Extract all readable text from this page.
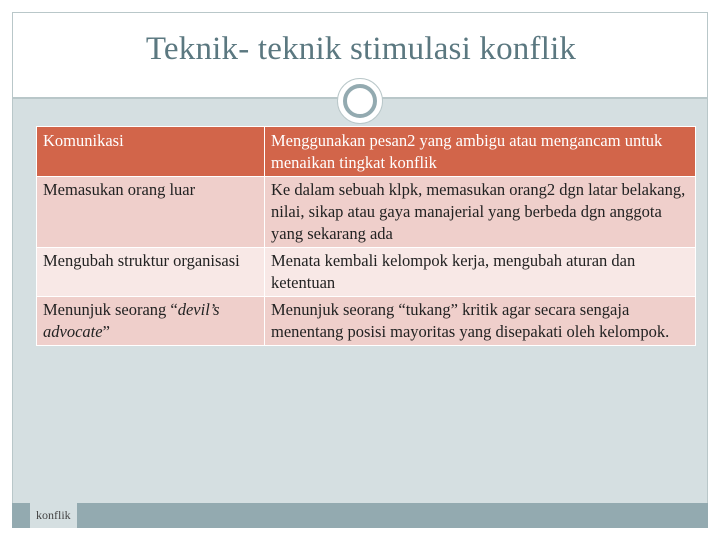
Teknik- teknik stimulasi konflik
Komunikasi	Menggunakan pesan2 yang ambigu atau mengancam untuk menaikan tingkat konflik
Memasukan orang luar	Ke dalam sebuah klpk, memasukan orang2 dgn latar belakang, nilai, sikap atau gaya manajerial yang berbeda dgn anggota yang sekarang ada
Mengubah struktur organisasi	Menata kembali kelompok kerja, mengubah aturan dan ketentuan
Menunjuk seorang “devil’s advocate”	Menunjuk seorang “tukang” kritik agar secara sengaja menentang posisi mayoritas yang disepakati oleh kelompok.
konflik
